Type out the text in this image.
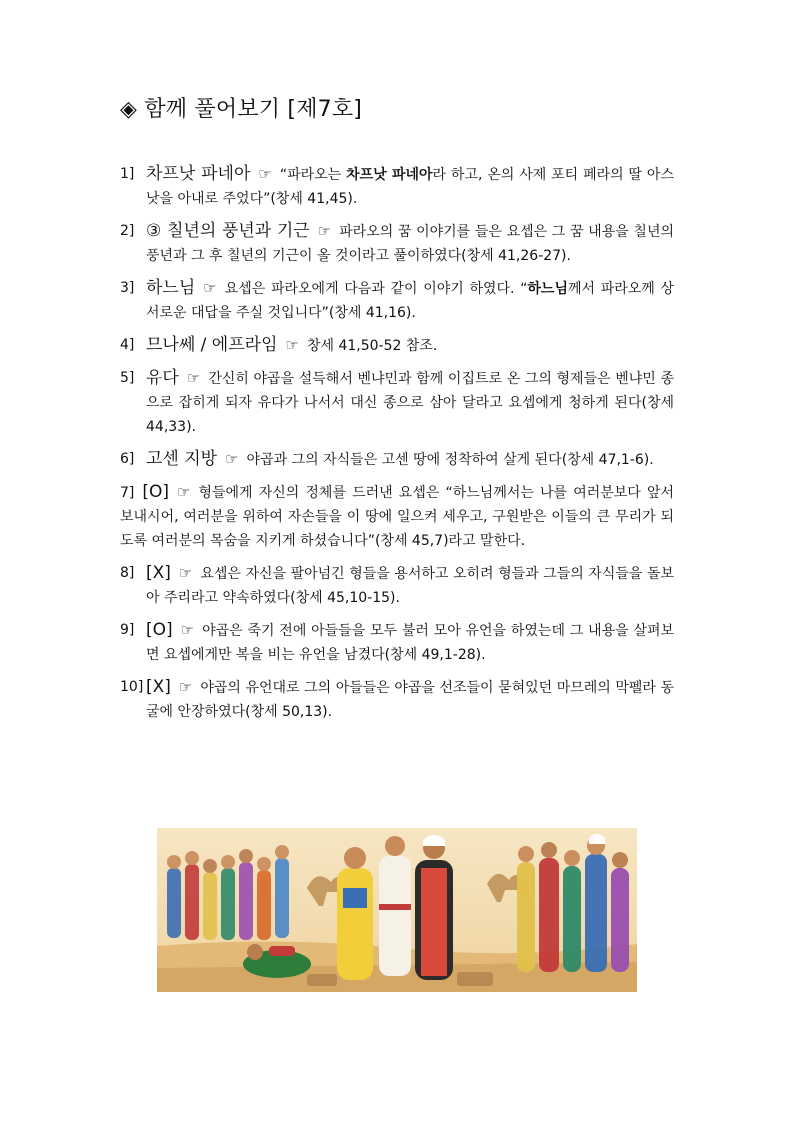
◈ 함께 풀어보기 [제7호]
1] 차프낫 파네아 ☞ “파라오는 차프낫 파네아라 하고, 온의 사제 포티 페라의 딸 아스낫을 아내로 주었다”(창세 41,45).
2] ③ 칠년의 풍년과 기근 ☞ 파라오의 꿈 이야기를 들은 요셉은 그 꿈 내용을 칠년의 풍년과 그 후 칠년의 기근이 올 것이라고 풀이하였다(창세 41,26-27).
3] 하느님 ☞ 요셉은 파라오에게 다음과 같이 이야기 하였다. “하느님께서 파라오께 상서로운 대답을 주실 것입니다”(창세 41,16).
4] 므나쎄 / 에프라임 ☞ 창세 41,50-52 참조.
5] 유다 ☞ 간신히 야곱을 설득해서 벤냐민과 함께 이집트로 온 그의 형제들은 벤냐민 종으로 잡히게 되자 유다가 나서서 대신 종으로 삼아 달라고 요셉에게 청하게 된다(창세 44,33).
6] 고센 지방 ☞ 야곱과 그의 자식들은 고센 땅에 정착하여 살게 된다(창세 47,1-6).
7] [O] ☞ 형들에게 자신의 정체를 드러낸 요셉은 “하느님께서는 나를 여러분보다 앞서 보내시어, 여러분을 위하여 자손들을 이 땅에 일으켜 세우고, 구원받은 이들의 큰 무리가 되도록 여러분의 목숨을 지키게 하셨습니다”(창세 45,7)라고 말한다.
8] [X] ☞ 요셉은 자신을 팔아넘긴 형들을 용서하고 오히려 형들과 그들의 자식들을 돌보아 주리라고 약속하였다(창세 45,10-15).
9] [O] ☞ 야곱은 죽기 전에 아들들을 모두 불러 모아 유언을 하였는데 그 내용을 살펴보면 요셉에게만 복을 비는 유언을 남겼다(창세 49,1-28).
10] [X] ☞ 야곱의 유언대로 그의 아들들은 야곱을 선조들이 묻혀있던 마므레의 막펠라 동굴에 안장하였다(창세 50,13).
